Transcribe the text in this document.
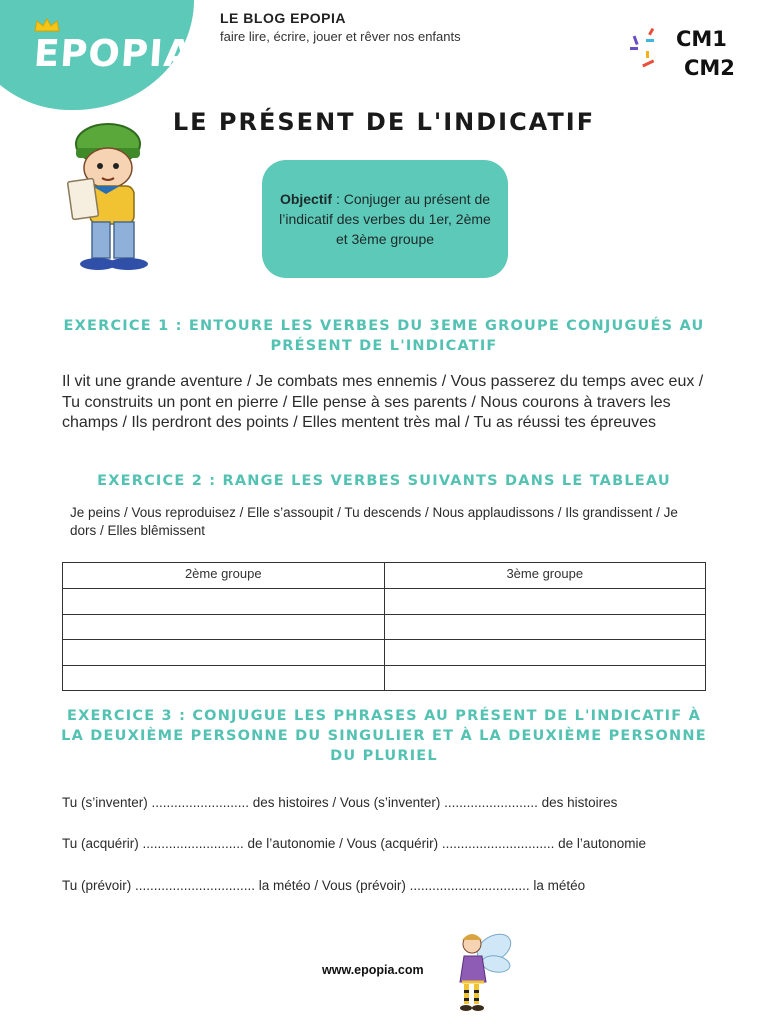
EPOPIA
LE BLOG EPOPIA
faire lire, écrire, jouer et rêver nos enfants	CM1
CM2
LE PRÉSENT DE L'INDICATIF
Objectif : Conjuger au présent de l’indicatif des verbes du 1er, 2ème et 3ème groupe
EXERCICE 1 : ENTOURE LES VERBES DU 3EME GROUPE CONJUGUÉS AU PRÉSENT DE L'INDICATIF
Il vit une grande aventure / Je combats mes ennemis / Vous passerez du temps avec eux / Tu construits un pont en pierre / Elle pense à ses parents / Nous courons à travers les champs / Ils perdront des points / Elles mentent très mal / Tu as réussi tes épreuves
EXERCICE 2 : RANGE LES VERBES SUIVANTS DANS LE TABLEAU
Je peins / Vous reproduisez / Elle s’assoupit / Tu descends / Nous applaudissons / Ils grandissent / Je dors / Elles blêmissent
2ème groupe	3ème groupe

EXERCICE 3 : CONJUGUE LES PHRASES AU PRÉSENT DE L'INDICATIF À LA DEUXIÈME PERSONNE DU SINGULIER ET À LA DEUXIÈME PERSONNE DU PLURIEL
Tu (s’inventer) .......................... des histoires / Vous (s’inventer) ......................... des histoires
Tu (acquérir) ........................... de l’autonomie / Vous (acquérir) .............................. de l’autonomie
Tu (prévoir) ................................ la météo / Vous (prévoir) ................................ la météo
www.epopia.com
